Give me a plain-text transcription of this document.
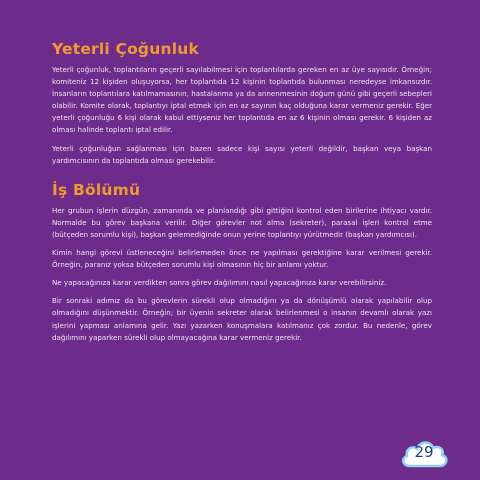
Yeterli Çoğunluk

Yeterli çoğunluk, toplantıların geçerli sayılabilmesi için toplantılarda gereken en az üye sayısıdır. Örneğin; komiteniz 12 kişiden oluşuyorsa, her toplantıda 12 kişinin toplantıda bulunması neredeyse imkansızdır. İnsanların toplantılara katılmamasının, hastalanma ya da annenmesinin doğum günü gibi geçerli sebepleri olabilir. Komite olarak, toplantıyı iptal etmek için en az sayının kaç olduğuna karar vermeniz gerekir. Eğer yeterli çoğunluğu 6 kişi olarak kabul ettiyseniz her toplantıda en az 6 kişinin olması gerekir. 6 kişiden az olması halinde toplantı iptal edilir.

Yeterli çoğunluğun sağlanması için bazen sadece kişi sayısı yeterli değildir, başkan veya başkan yardımcısının da toplantıda olması gerekebilir.

İş Bölümü

Her grubun işlerin düzgün, zamanında ve planlandığı gibi gittiğini kontrol eden birilerine ihtiyacı vardır. Normalde bu görev başkana verilir. Diğer görevler not alma (sekreter), parasal işleri kontrol etme (bütçeden sorumlu kişi), başkan gelemediğinde onun yerine toplantıyı yürütmedir (başkan yardımcısı).

Kimin hangi görevi üstleneceğini belirlemeden önce ne yapılması gerektiğine karar verilmesi gerekir. Örneğin, paranız yoksa bütçeden sorumlu kişi olmasının hiç bir anlamı yoktur.

Ne yapacağınıza karar verdikten sonra görev dağılımını nasıl yapacağınıza karar verebilirsiniz.

Bir sonraki adımız da bu görevlerin sürekli olup olmadığını ya da dönüşümlü olarak yapılabilir olup olmadığını düşünmektir. Örneğin; bir üyenin sekreter olarak belirlenmesi o insanın devamlı olarak yazı işlerini yapması anlamına gelir. Yazı yazarken konuşmalara katılmanız çok zordur. Bu nedenle, görev dağılımını yaparken sürekli olup olmayacağına karar vermeniz gerekir.

29
